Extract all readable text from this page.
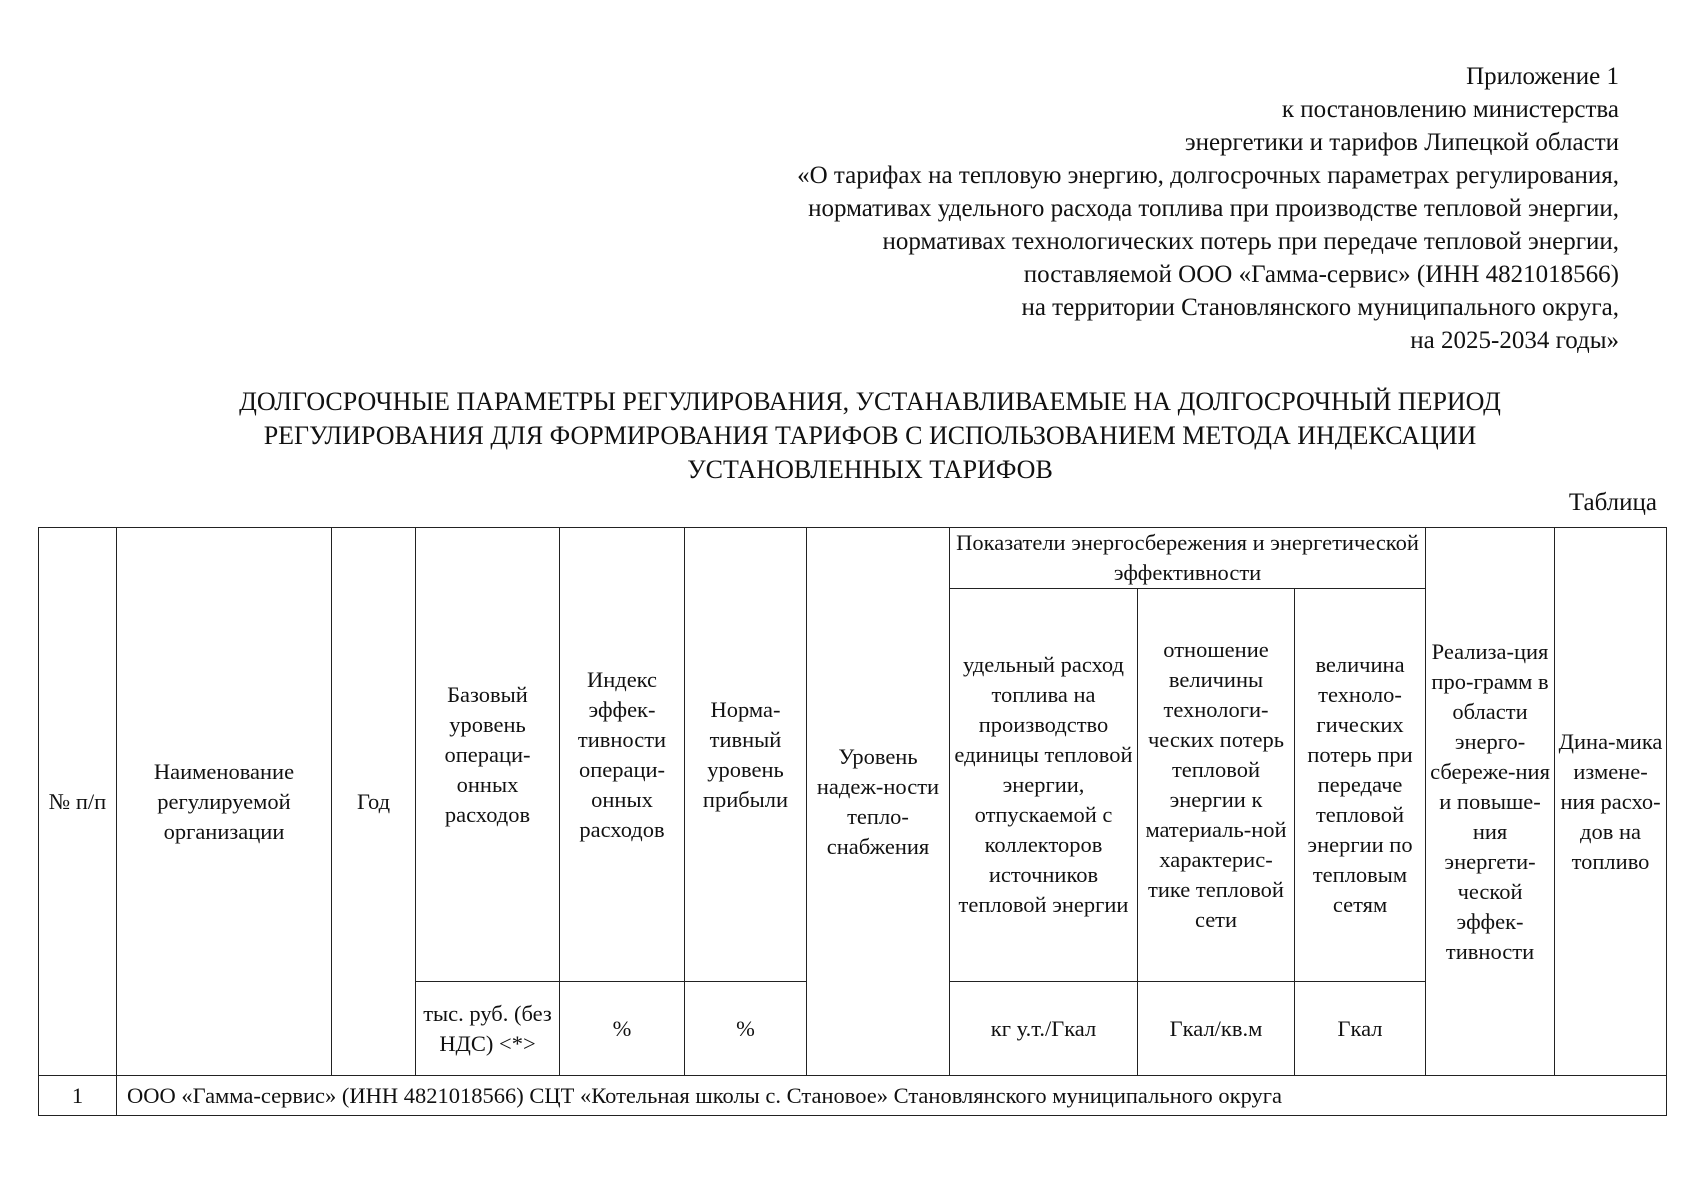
Приложение 1
к постановлению министерства
энергетики и тарифов Липецкой области
«О тарифах на тепловую энергию, долгосрочных параметрах регулирования,
нормативах удельного расхода топлива при производстве тепловой энергии,
нормативах технологических потерь при передаче тепловой энергии,
поставляемой ООО «Гамма-сервис» (ИНН 4821018566)
на территории Становлянского муниципального округа,
на 2025-2034 годы»
ДОЛГОСРОЧНЫЕ ПАРАМЕТРЫ РЕГУЛИРОВАНИЯ, УСТАНАВЛИВАЕМЫЕ НА ДОЛГОСРОЧНЫЙ ПЕРИОД
РЕГУЛИРОВАНИЯ ДЛЯ ФОРМИРОВАНИЯ ТАРИФОВ С ИСПОЛЬЗОВАНИЕМ МЕТОДА ИНДЕКСАЦИИ
УСТАНОВЛЕННЫХ ТАРИФОВ
Таблица
№ п/п	Наименование регулируемой организации	Год	Базовый уровень операци-онных расходов	Индекс эффек-тивности операци-онных расходов	Норма-тивный уровень прибыли	Уровень надеж-ности тепло-снабжения	Показатели энергосбережения и энергетической эффективности			Реализа-ция про-грамм в области энерго-сбереже-ния и повыше-ния энергети-ческой эффек-тивности	Дина-мика измене-ния расхо-дов на топливо
							удельный расход топлива на производство единицы тепловой энергии, отпускаемой с коллекторов источников тепловой энергии	отношение величины технологи-ческих потерь тепловой энергии к материаль-ной характерис-тике тепловой сети	величина техноло-гических потерь при передаче тепловой энергии по тепловым сетям		
			тыс. руб. (без НДС) <*>	%	%		кг у.т./Гкал	Гкал/кв.м	Гкал		
1	ООО «Гамма-сервис» (ИНН 4821018566) СЦТ «Котельная школы с. Становое» Становлянского муниципального округа										
